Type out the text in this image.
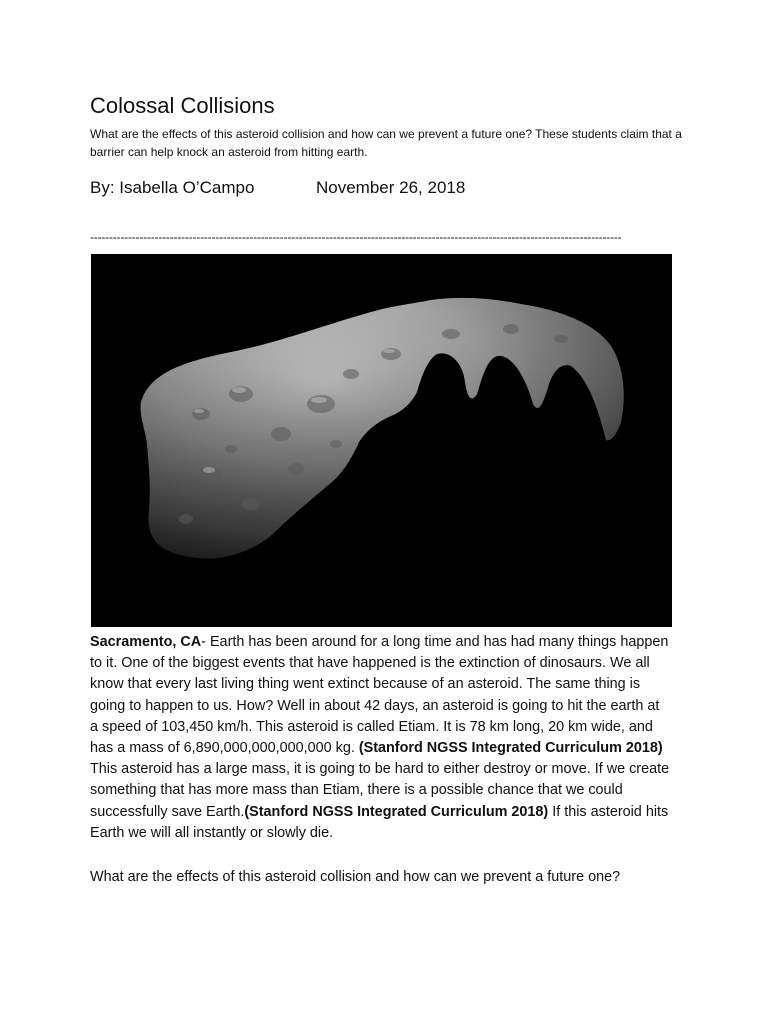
Colossal Collisions
What are the effects of this asteroid collision and how can we prevent a future one? These students claim that a barrier can help knock an asteroid from hitting earth.
By: Isabella O’Campo	November 26, 2018
--------------------------------------------------------------------------------------------------------------------------------------------
Sacramento, CA- Earth has been around for a long time and has had many things happen to it. One of the biggest events that have happened is the extinction of dinosaurs. We all know that every last living thing went extinct because of an asteroid. The same thing is going to happen to us. How? Well in about 42 days, an asteroid is going to hit the earth at a speed of 103,450 km/h. This asteroid is called Etiam. It is 78 km long, 20 km wide, and has a mass of 6,890,000,000,000,000 kg. (Stanford NGSS Integrated Curriculum 2018) This asteroid has a large mass, it is going to be hard to either destroy or move. If we create something that has more mass than Etiam, there is a possible chance that we could successfully save Earth.(Stanford NGSS Integrated Curriculum 2018) If this asteroid hits Earth we will all instantly or slowly die.
What are the effects of this asteroid collision and how can we prevent a future one?
